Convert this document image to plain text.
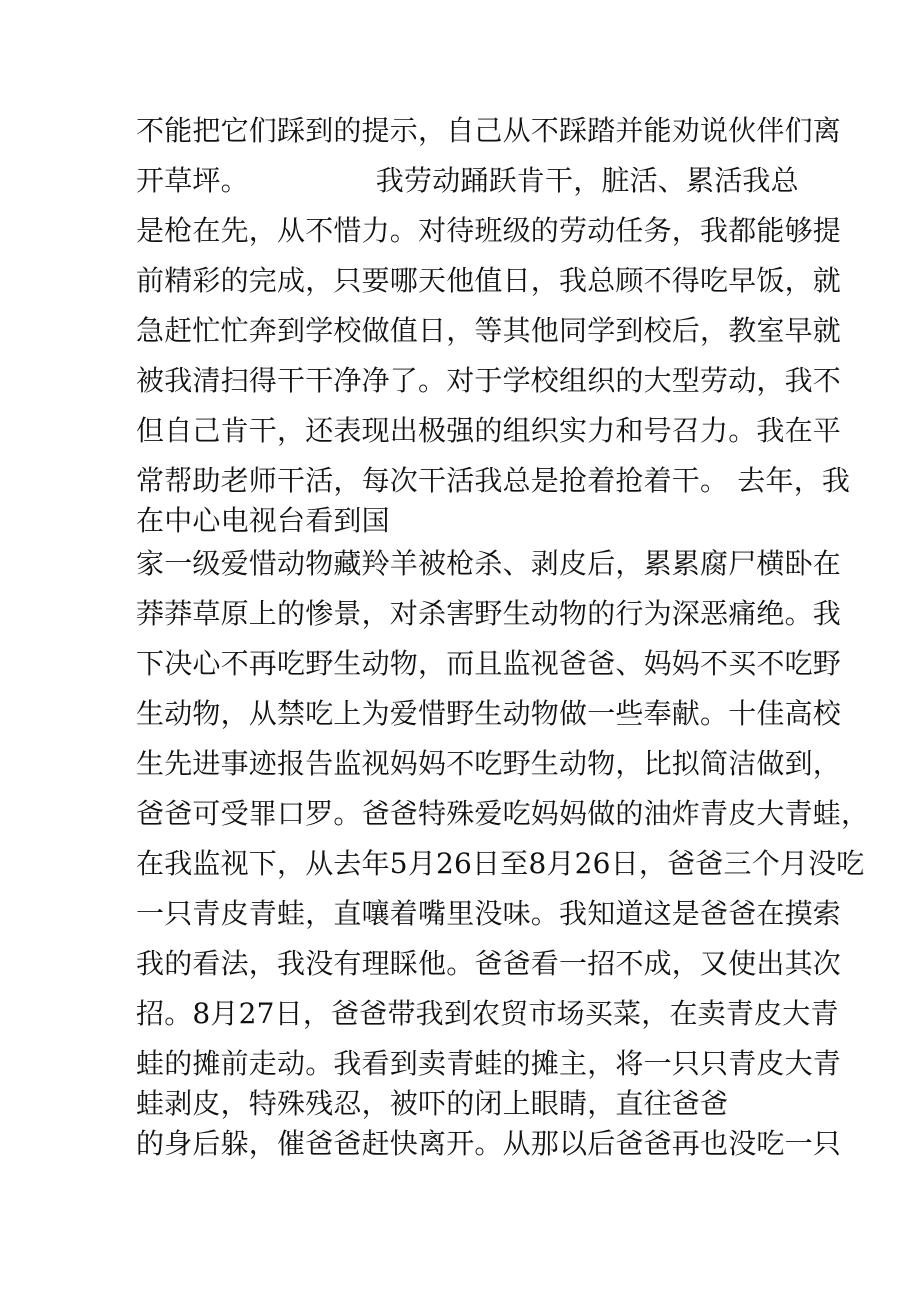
不能把它们踩到的提示，自己从不踩踏并能劝说伙伴们离
开草坪。　　　　　我劳动踊跃肯干，脏活、累活我总
是枪在先，从不惜力。对待班级的劳动任务，我都能够提
前精彩的完成，只要哪天他值日，我总顾不得吃早饭，就
急赶忙忙奔到学校做值日，等其他同学到校后，教室早就
被我清扫得干干净净了。对于学校组织的大型劳动，我不
但自己肯干，还表现出极强的组织实力和号召力。我在平
常帮助老师干活，每次干活我总是抢着抢着干。 去年，我
在中心电视台看到国
家一级爱惜动物藏羚羊被枪杀、剥皮后，累累腐尸横卧在
莽莽草原上的惨景，对杀害野生动物的行为深恶痛绝。我
下决心不再吃野生动物，而且监视爸爸、妈妈不买不吃野
生动物，从禁吃上为爱惜野生动物做一些奉献。十佳高校
生先进事迹报告监视妈妈不吃野生动物，比拟简洁做到，
爸爸可受罪口罗。爸爸特殊爱吃妈妈做的油炸青皮大青蛙，
在我监视下，从去年5月26日至8月26日，爸爸三个月没吃
一只青皮青蛙，直嚷着嘴里没味。我知道这是爸爸在摸索
我的看法，我没有理睬他。爸爸看一招不成，又使出其次
招。8月27日，爸爸带我到农贸市场买菜，在卖青皮大青
蛙的摊前走动。我看到卖青蛙的摊主，将一只只青皮大青
蛙剥皮，特殊残忍，被吓的闭上眼睛，直往爸爸
的身后躲，催爸爸赶快离开。从那以后爸爸再也没吃一只
